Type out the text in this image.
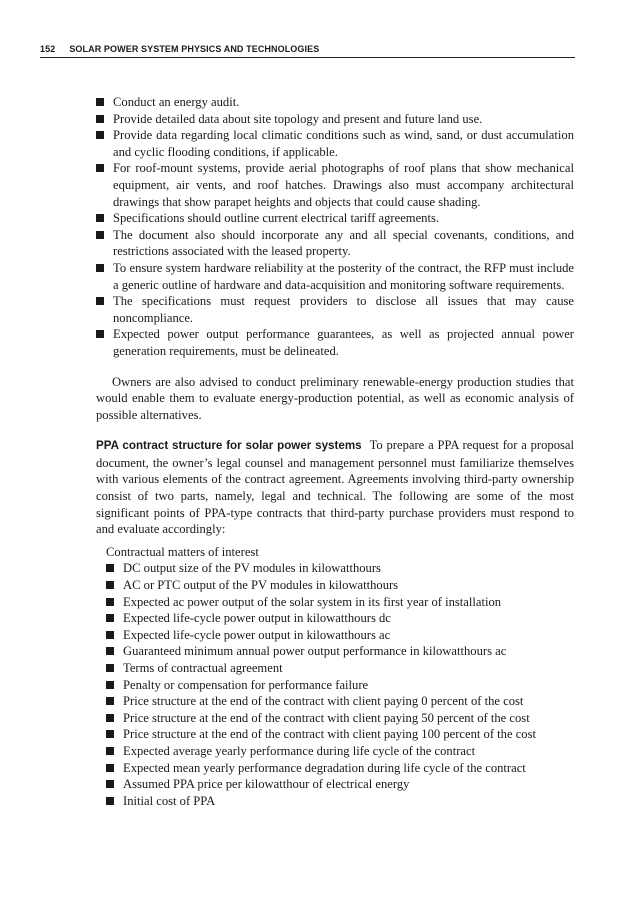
152 SOLAR POWER SYSTEM PHYSICS AND TECHNOLOGIES
Conduct an energy audit.
Provide detailed data about site topology and present and future land use.
Provide data regarding local climatic conditions such as wind, sand, or dust accumulation and cyclic flooding conditions, if applicable.
For roof-mount systems, provide aerial photographs of roof plans that show mechanical equipment, air vents, and roof hatches. Drawings also must accompany architectural drawings that show parapet heights and objects that could cause shading.
Specifications should outline current electrical tariff agreements.
The document also should incorporate any and all special covenants, conditions, and restrictions associated with the leased property.
To ensure system hardware reliability at the posterity of the contract, the RFP must include a generic outline of hardware and data-acquisition and monitoring software requirements.
The specifications must request providers to disclose all issues that may cause noncompliance.
Expected power output performance guarantees, as well as projected annual power generation requirements, must be delineated.

Owners are also advised to conduct preliminary renewable-energy production studies that would enable them to evaluate energy-production potential, as well as economic analysis of possible alternatives.

PPA contract structure for solar power systems To prepare a PPA request for a proposal document, the owner’s legal counsel and management personnel must familiarize themselves with various elements of the contract agreement. Agreements involving third-party ownership consist of two parts, namely, legal and technical. The following are some of the most significant points of PPA-type contracts that third-party purchase providers must respond to and evaluate accordingly:

Contractual matters of interest
DC output size of the PV modules in kilowatthours
AC or PTC output of the PV modules in kilowatthours
Expected ac power output of the solar system in its first year of installation
Expected life-cycle power output in kilowatthours dc
Expected life-cycle power output in kilowatthours ac
Guaranteed minimum annual power output performance in kilowatthours ac
Terms of contractual agreement
Penalty or compensation for performance failure
Price structure at the end of the contract with client paying 0 percent of the cost
Price structure at the end of the contract with client paying 50 percent of the cost
Price structure at the end of the contract with client paying 100 percent of the cost
Expected average yearly performance during life cycle of the contract
Expected mean yearly performance degradation during life cycle of the contract
Assumed PPA price per kilowatthour of electrical energy
Initial cost of PPA
